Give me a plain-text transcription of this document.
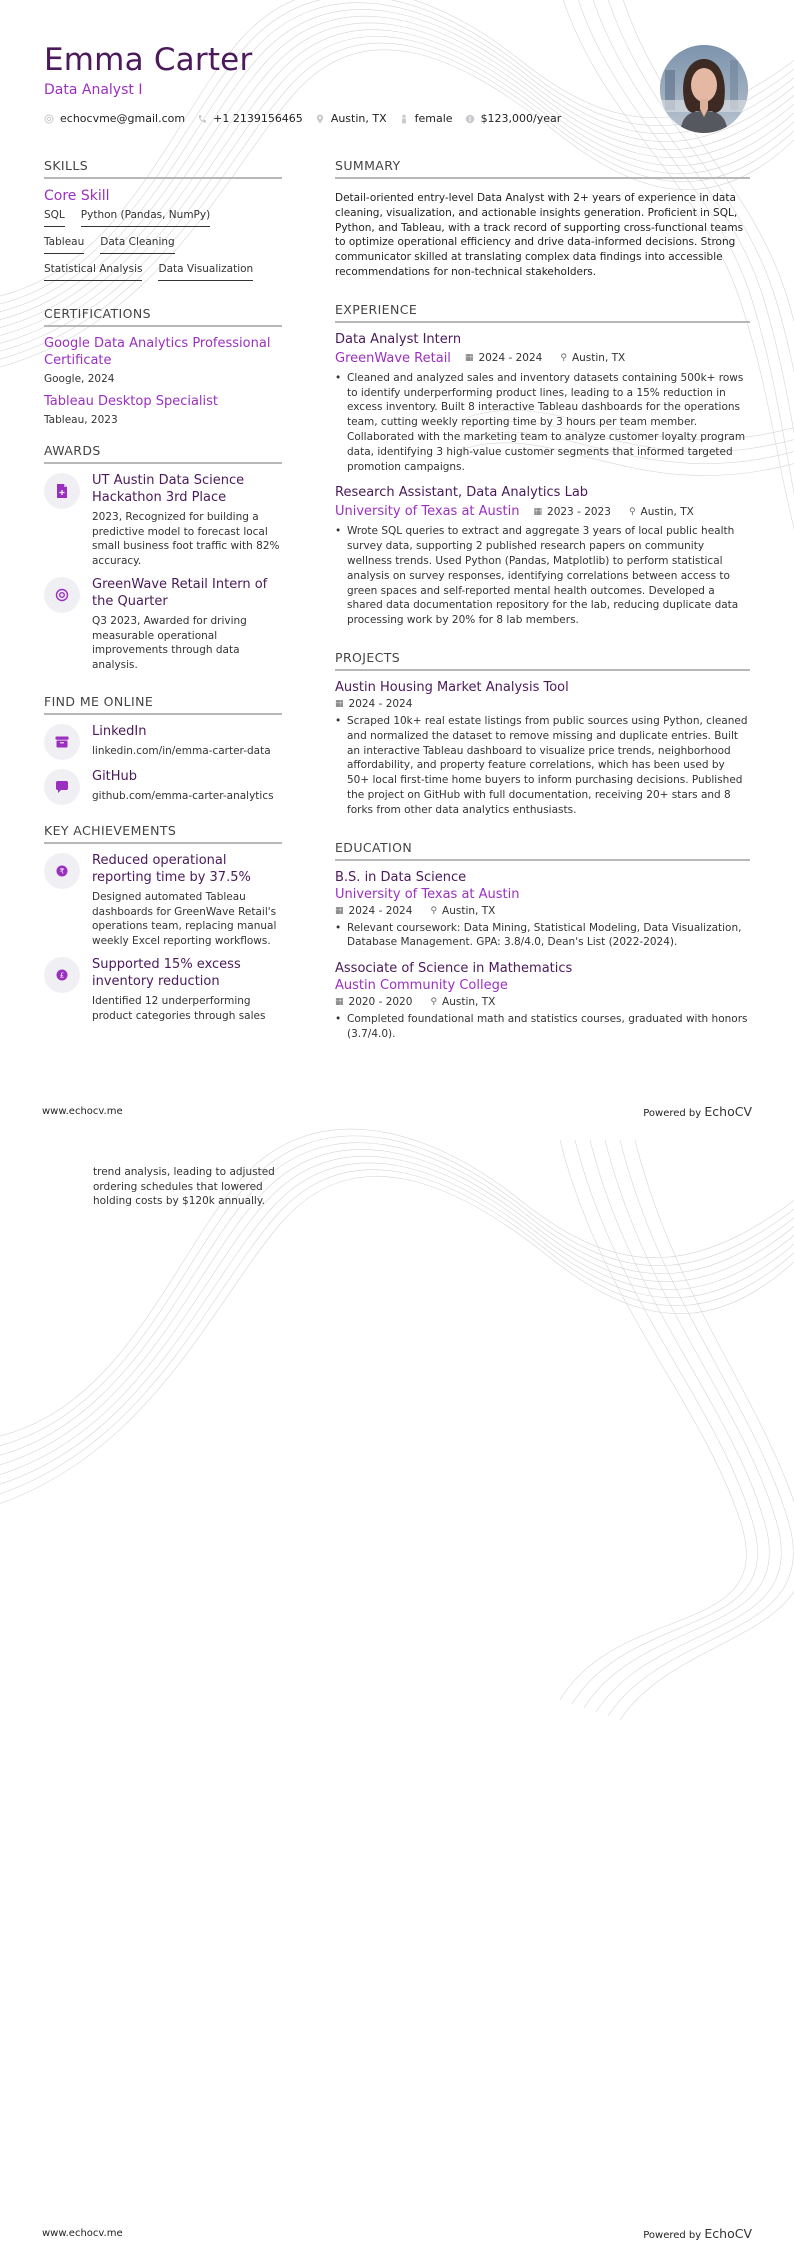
Emma Carter
Data Analyst I
echocvme@gmail.com	+1 2139156465	Austin, TX	female	$123,000/year
SKILLS
Core Skill
SQL Python (Pandas, NumPy)
Tableau Data Cleaning
Statistical Analysis Data Visualization
CERTIFICATIONS
Google Data Analytics Professional Certificate
Google, 2024
Tableau Desktop Specialist
Tableau, 2023
AWARDS
UT Austin Data Science Hackathon 3rd Place
2023, Recognized for building a predictive model to forecast local small business foot traffic with 82% accuracy.
GreenWave Retail Intern of the Quarter
Q3 2023, Awarded for driving measurable operational improvements through data analysis.
FIND ME ONLINE
LinkedIn
linkedin.com/in/emma-carter-data
GitHub
github.com/emma-carter-analytics
KEY ACHIEVEMENTS
₹
Reduced operational reporting time by 37.5%
Designed automated Tableau dashboards for GreenWave Retail's operations team, replacing manual weekly Excel reporting workflows.
£
Supported 15% excess inventory reduction
Identified 12 underperforming product categories through sales
SUMMARY
Detail-oriented entry-level Data Analyst with 2+ years of experience in data cleaning, visualization, and actionable insights generation. Proficient in SQL, Python, and Tableau, with a track record of supporting cross-functional teams to optimize operational efficiency and drive data-informed decisions. Strong communicator skilled at translating complex data findings into accessible recommendations for non-technical stakeholders.
EXPERIENCE
Data Analyst Intern
GreenWave Retail ▦ 2024 - 2024 ⚲ Austin, TX
• Cleaned and analyzed sales and inventory datasets containing 500k+ rows to identify underperforming product lines, leading to a 15% reduction in excess inventory. Built 8 interactive Tableau dashboards for the operations team, cutting weekly reporting time by 3 hours per team member. Collaborated with the marketing team to analyze customer loyalty program data, identifying 3 high-value customer segments that informed targeted promotion campaigns.
Research Assistant, Data Analytics Lab
University of Texas at Austin ▦ 2023 - 2023 ⚲ Austin, TX
• Wrote SQL queries to extract and aggregate 3 years of local public health survey data, supporting 2 published research papers on community wellness trends. Used Python (Pandas, Matplotlib) to perform statistical analysis on survey responses, identifying correlations between access to green spaces and self-reported mental health outcomes. Developed a shared data documentation repository for the lab, reducing duplicate data processing work by 20% for 8 lab members.
PROJECTS
Austin Housing Market Analysis Tool
▦ 2024 - 2024
• Scraped 10k+ real estate listings from public sources using Python, cleaned and normalized the dataset to remove missing and duplicate entries. Built an interactive Tableau dashboard to visualize price trends, neighborhood affordability, and property feature correlations, which has been used by 50+ local first-time home buyers to inform purchasing decisions. Published the project on GitHub with full documentation, receiving 20+ stars and 8 forks from other data analytics enthusiasts.
EDUCATION
B.S. in Data Science
University of Texas at Austin
▦ 2024 - 2024 ⚲ Austin, TX
• Relevant coursework: Data Mining, Statistical Modeling, Data Visualization, Database Management. GPA: 3.8/4.0, Dean's List (2022-2024).
Associate of Science in Mathematics
Austin Community College
▦ 2020 - 2020 ⚲ Austin, TX
• Completed foundational math and statistics courses, graduated with honors (3.7/4.0).
www.echocv.me	Powered by EchoCV
trend analysis, leading to adjusted ordering schedules that lowered holding costs by $120k annually.
www.echocv.me	Powered by EchoCV
